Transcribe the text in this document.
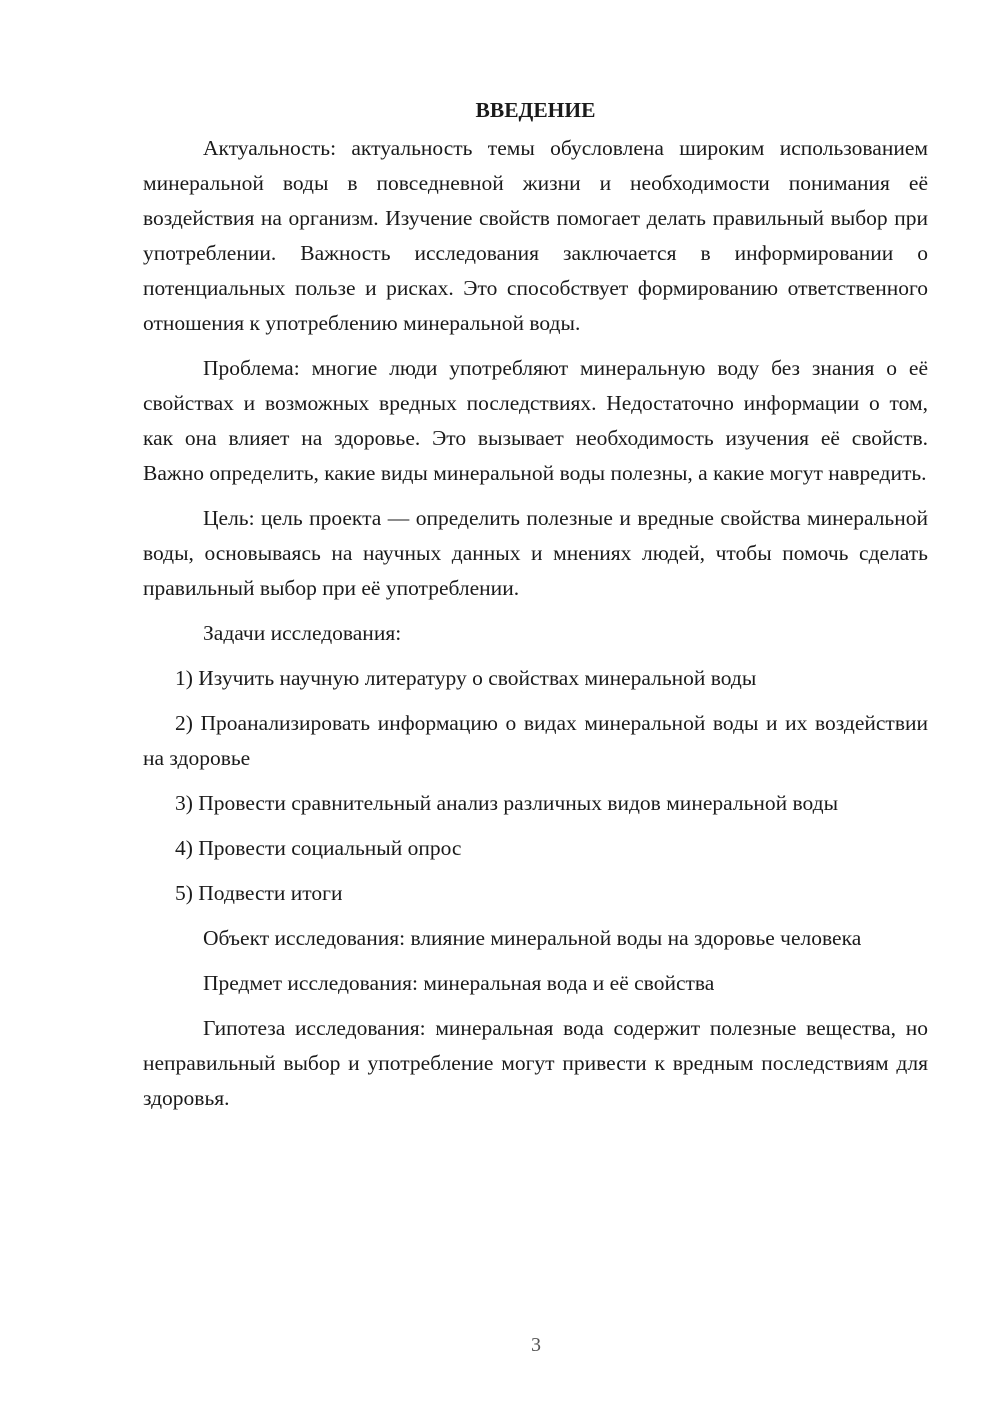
ВВЕДЕНИЕ

Актуальность: актуальность темы обусловлена широким использованием минеральной воды в повседневной жизни и необходимости понимания её воздействия на организм. Изучение свойств помогает делать правильный выбор при употреблении. Важность исследования заключается в информировании о потенциальных пользе и рисках. Это способствует формированию ответственного отношения к употреблению минеральной воды.

Проблема: многие люди употребляют минеральную воду без знания о её свойствах и возможных вредных последствиях. Недостаточно информации о том, как она влияет на здоровье. Это вызывает необходимость изучения её свойств. Важно определить, какие виды минеральной воды полезны, а какие могут навредить.

Цель: цель проекта — определить полезные и вредные свойства минеральной воды, основываясь на научных данных и мнениях людей, чтобы помочь сделать правильный выбор при её употреблении.

Задачи исследования:

1) Изучить научную литературу о свойствах минеральной воды

2) Проанализировать информацию о видах минеральной воды и их воздействии на здоровье

3) Провести сравнительный анализ различных видов минеральной воды

4) Провести социальный опрос

5) Подвести итоги

Объект исследования: влияние минеральной воды на здоровье человека

Предмет исследования: минеральная вода и её свойства

Гипотеза исследования: минеральная вода содержит полезные вещества, но неправильный выбор и употребление могут привести к вредным последствиям для здоровья.

3
